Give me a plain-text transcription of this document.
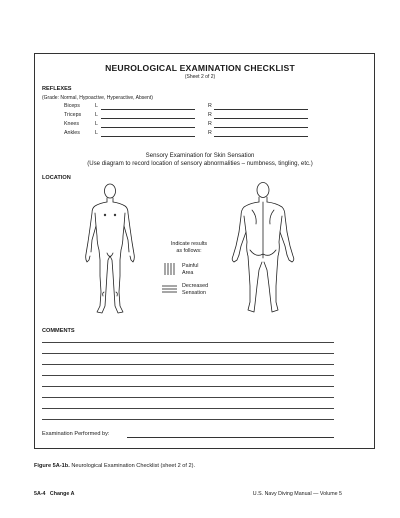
NEUROLOGICAL EXAMINATION CHECKLIST
(Sheet 2 of 2)
REFLEXES
(Grade: Normal, Hypoactive, Hyperactive, Absent)
Biceps	L	R
Triceps	L	R
Knees	L	R
Ankles	L	R
Sensory Examination for Skin Sensation
(Use diagram to record location of sensory abnormalities – numbness, tingling, etc.)
LOCATION
Indicate results
as follows:
Painful
Area
Decreased
Sensation
COMMENTS
Examination Performed by:
Figure 5A-1b. Neurological Examination Checklist (sheet 2 of 2).
5A-4   Change A	U.S. Navy Diving Manual — Volume 5
